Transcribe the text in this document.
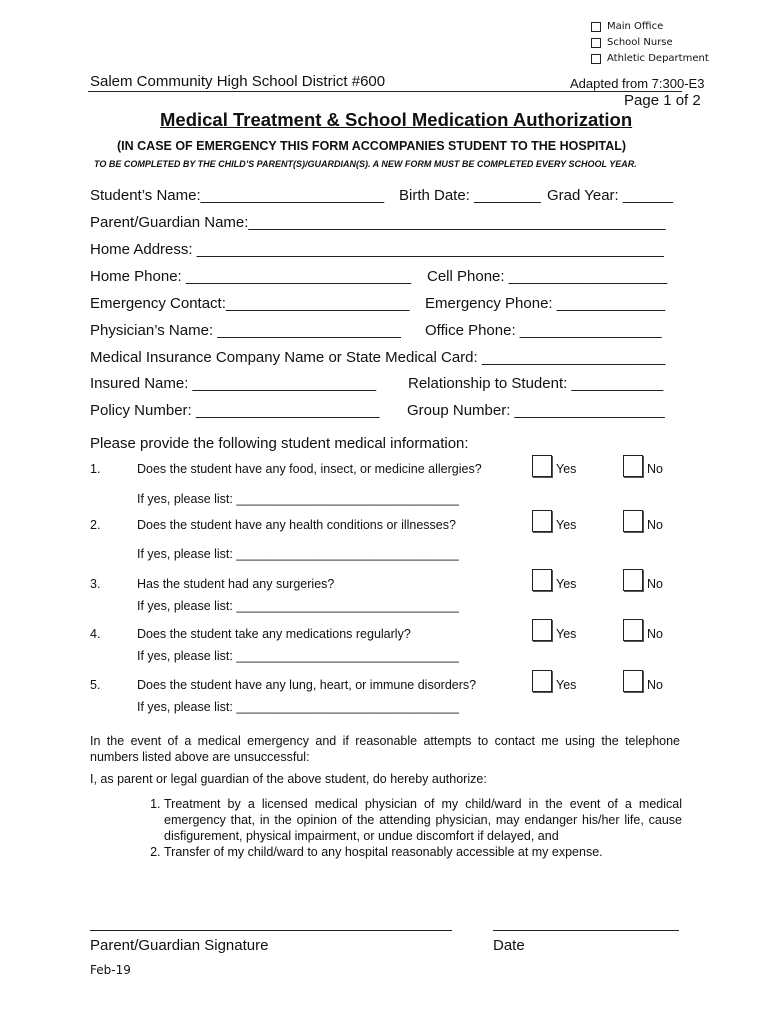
Main Office
School Nurse
Athletic Department
Salem Community High School District #600	Adapted from 7:300-E3
Page 1 of 2
Medical Treatment & School Medication Authorization
(IN CASE OF EMERGENCY THIS FORM ACCOMPANIES STUDENT TO THE HOSPITAL)
TO BE COMPLETED BY THE CHILD’S PARENT(S)/GUARDIAN(S). A NEW FORM MUST BE COMPLETED EVERY SCHOOL YEAR.
Student’s Name:______________________ Birth Date: ________ Grad Year: ______
Parent/Guardian Name:__________________________________________________
Home Address: ________________________________________________________
Home Phone: ___________________________ Cell Phone: ___________________
Emergency Contact:______________________ Emergency Phone: _____________
Physician’s Name: ______________________ Office Phone: _________________
Medical Insurance Company Name or State Medical Card: ______________________
Insured Name: ______________________ Relationship to Student: ___________
Policy Number: ______________________ Group Number: __________________
Please provide the following student medical information:
1.	Does the student have any food, insect, or medicine allergies?	Yes	No
If yes, please list: ________________________________
2.	Does the student have any health conditions or illnesses?	Yes	No
If yes, please list: ________________________________
3.	Has the student had any surgeries?	Yes	No
If yes, please list: ________________________________
4.	Does the student take any medications regularly?	Yes	No
If yes, please list: ________________________________
5.	Does the student have any lung, heart, or immune disorders?	Yes	No
If yes, please list: ________________________________
In the event of a medical emergency and if reasonable attempts to contact me using the telephone numbers listed above are unsuccessful:
I, as parent or legal guardian of the above student, do hereby authorize:
1. Treatment by a licensed medical physician of my child/ward in the event of a medical emergency that, in the opinion of the attending physician, may endanger his/her life, cause disfigurement, physical impairment, or undue discomfort if delayed, and
2. Transfer of my child/ward to any hospital reasonably accessible at my expense.
Parent/Guardian Signature	Date
Feb-19
